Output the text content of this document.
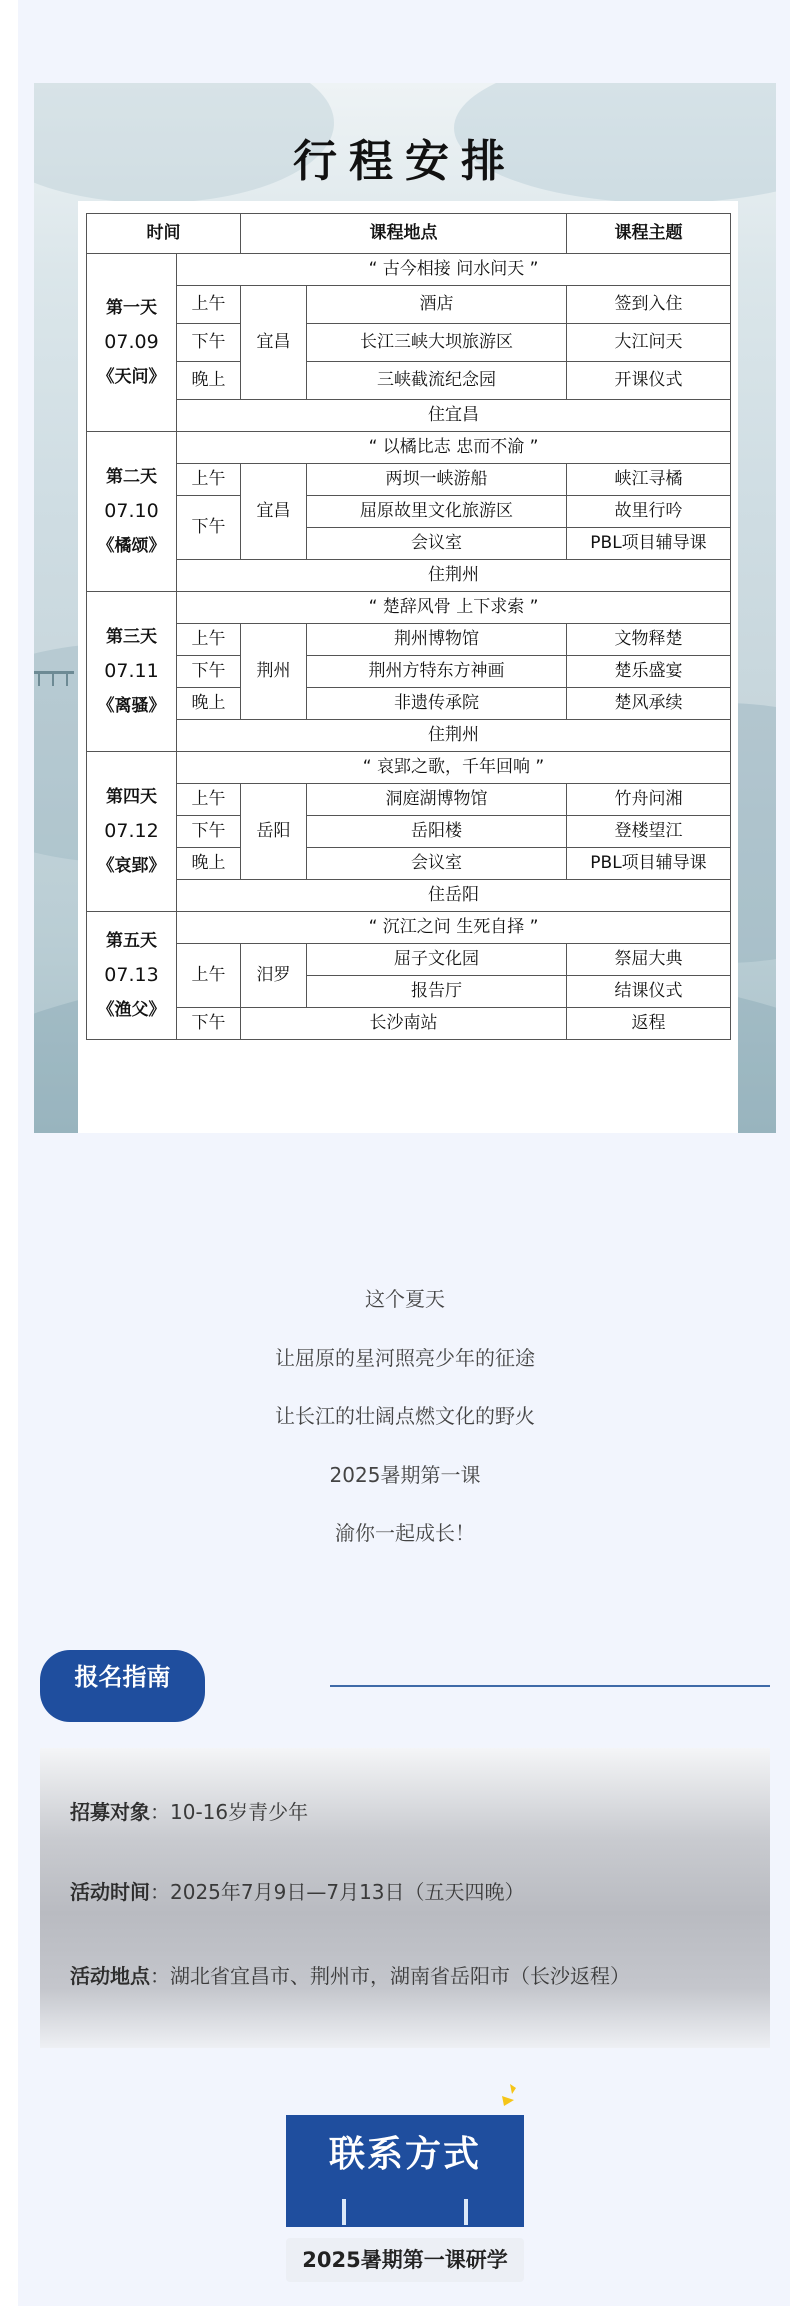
行程安排
时间		课程地点		课程主题

第一天
07.09
《天问》	“ 古今相接 问水问天 ”			
	上午	宜昌	酒店	签到入住
	下午		长江三峡大坝旅游区	大江问天
	晚上		三峡截流纪念园	开课仪式
	住宜昌			

第二天
07.10
《橘颂》	“ 以橘比志 忠而不渝 ”			
	上午	宜昌	两坝一峡游船	峡江寻橘
	下午		屈原故里文化旅游区	故里行吟
			会议室	PBL项目辅导课
	住荆州			

第三天
07.11
《离骚》	“ 楚辞风骨 上下求索 ”			
	上午	荆州	荆州博物馆	文物释楚
	下午		荆州方特东方神画	楚乐盛宴
	晚上		非遗传承院	楚风承续
	住荆州			

第四天
07.12
《哀郢》	“ 哀郢之歌，千年回响 ”			
	上午	岳阳	洞庭湖博物馆	竹舟问湘
	下午		岳阳楼	登楼望江
	晚上		会议室	PBL项目辅导课
	住岳阳			

第五天
07.13
《渔父》	“ 沉江之问 生死自择 ”			
	上午	汨罗	屈子文化园	祭屈大典
			报告厅	结课仪式
	下午	长沙南站		返程

这个夏天

让屈原的星河照亮少年的征途

让长江的壮阔点燃文化的野火

2025暑期第一课

渝你一起成长！

报名指南
招募对象：10-16岁青少年
活动时间：2025年7月9日—7月13日（五天四晚）
活动地点：湖北省宜昌市、荆州市，湖南省岳阳市（长沙返程）
联系方式
2025暑期第一课研学
